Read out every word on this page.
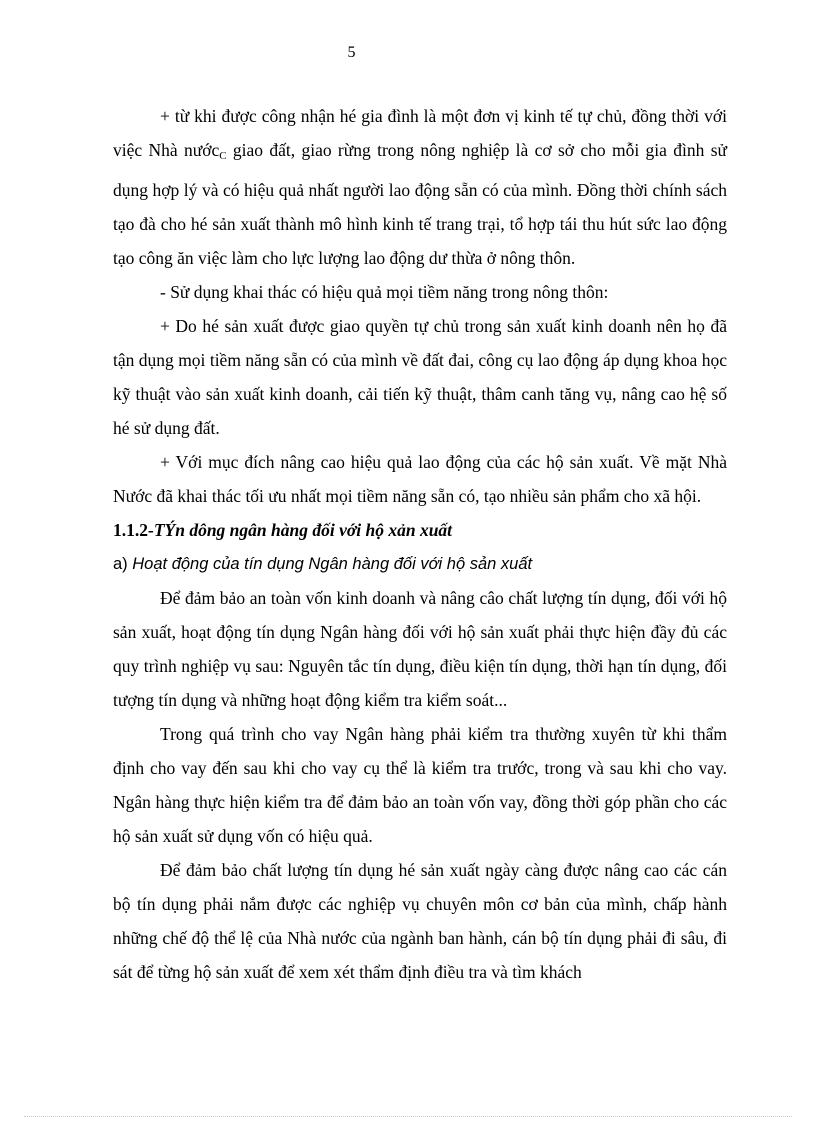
5

+ từ khi được công nhận hé gia đình là một đơn vị kinh tế tự chủ, đồng thời với việc Nhà nước$_C$ giao đất, giao rừng trong nông nghiệp là cơ sở cho mỗi gia đình sử dụng hợp lý và có hiệu quả nhất người lao động sẵn có của mình. Đồng thời chính sách tạo đà cho hé sản xuất thành mô hình kinh tế trang trại, tổ hợp tái thu hút sức lao động tạo công ăn việc làm cho lực lượng lao động dư thừa ở nông thôn.

- Sử dụng khai thác có hiệu quả mọi tiềm năng trong nông thôn:

+ Do hé sản xuất được giao quyền tự chủ trong sản xuất kinh doanh nên họ đã tận dụng mọi tiềm năng sẵn có của mình về đất đai, công cụ lao động áp dụng khoa học kỹ thuật vào sản xuất kinh doanh, cải tiến kỹ thuật, thâm canh tăng vụ, nâng cao hệ số hé sử dụng đất.

+ Với mục đích nâng cao hiệu quả lao động của các hộ sản xuất. Về mặt Nhà Nước đã khai thác tối ưu nhất mọi tiềm năng sẵn có, tạo nhiều sản phẩm cho xã hội.

1.1.2-TÝn dông ngân hàng đối với hộ xản xuất

a) Hoạt động của tín dụng Ngân hàng đối với hộ sản xuất

Để đảm bảo an toàn vốn kinh doanh và nâng câo chất lượng tín dụng, đối với hộ sản xuất, hoạt động tín dụng Ngân hàng đối với hộ sản xuất phải thực hiện đầy đủ các quy trình nghiệp vụ sau: Nguyên tắc tín dụng, điều kiện tín dụng, thời hạn tín dụng, đối tượng tín dụng và những hoạt động kiểm tra kiểm soát...

Trong quá trình cho vay Ngân hàng phải kiểm tra thường xuyên từ khi thẩm định cho vay đến sau khi cho vay cụ thể là kiểm tra trước, trong và sau khi cho vay. Ngân hàng thực hiện kiểm tra để đảm bảo an toàn vốn vay, đồng thời góp phần cho các hộ sản xuất sử dụng vốn có hiệu quả.

Để đảm bảo chất lượng tín dụng hé sản xuất ngày càng được nâng cao các cán bộ tín dụng phải nắm được các nghiệp vụ chuyên môn cơ bản của mình, chấp hành những chế độ thể lệ của Nhà nước của ngành ban hành, cán bộ tín dụng phải đi sâu, đi sát để từng hộ sản xuất để xem xét thẩm định điều tra và tìm khách
